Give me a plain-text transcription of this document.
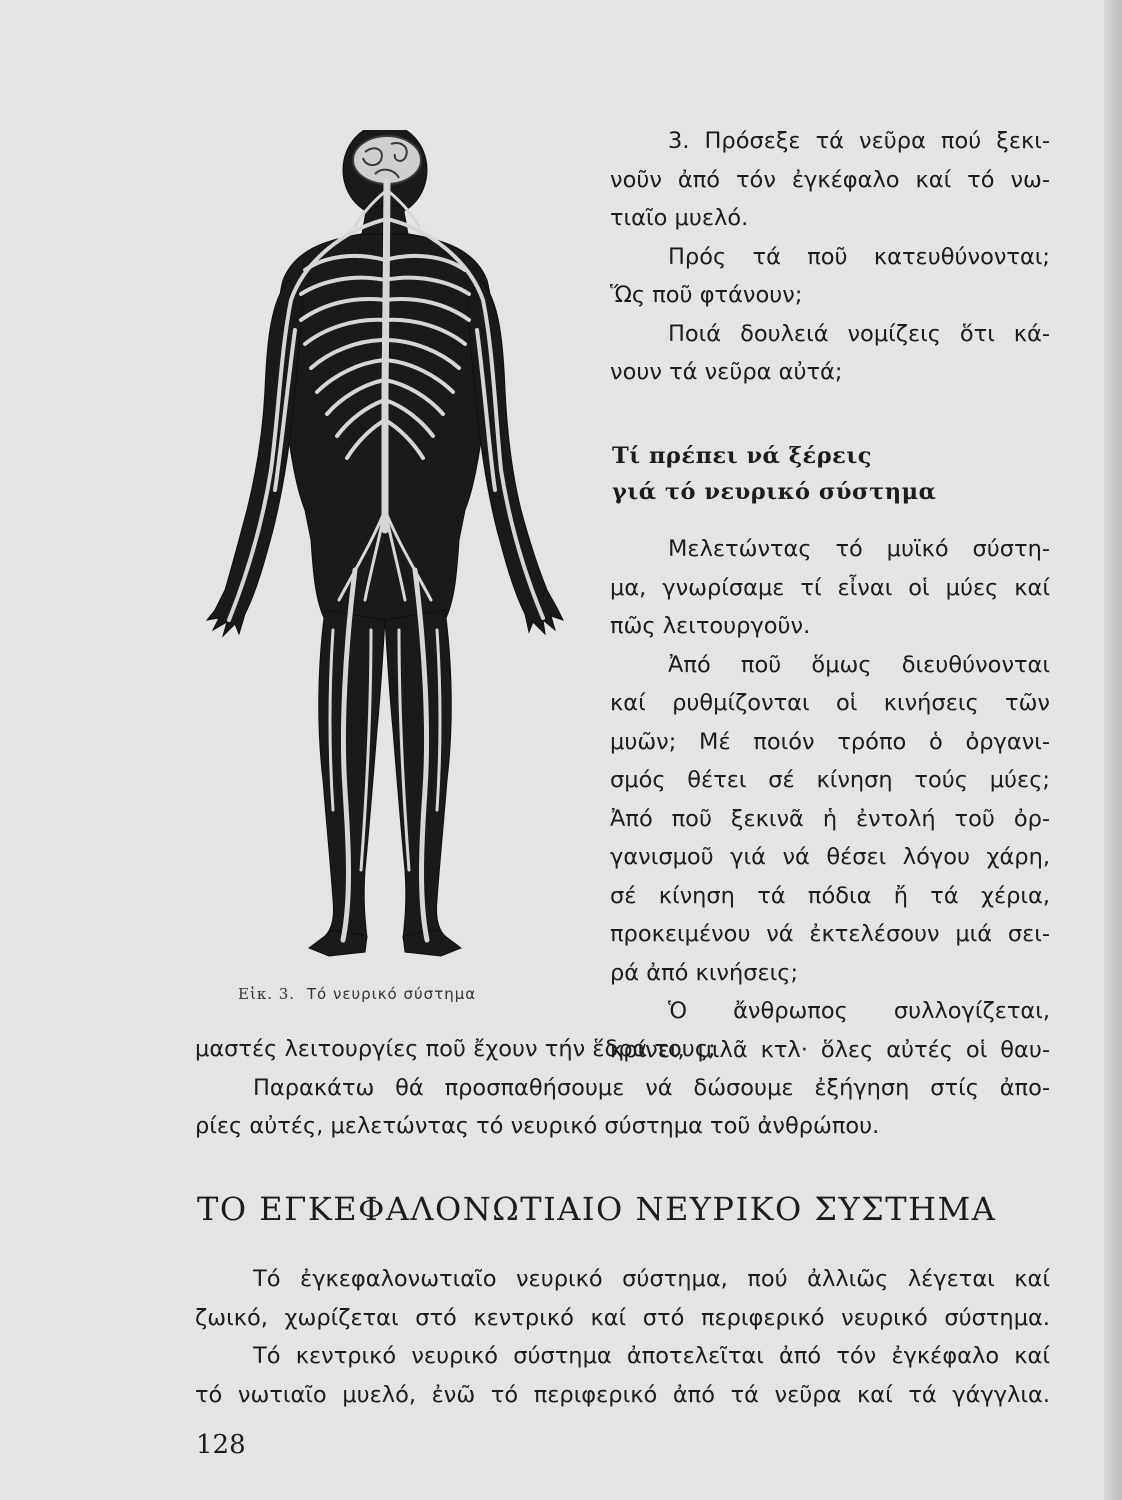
Εἰκ. 3. Τό νευρικό σύστημα

3. Πρόσεξε τά νεῦρα πού ξεκι-

νοῦν ἀπό τόν ἐγκέφαλο καί τό νω-

τιαῖο μυελό.

Πρός τά ποῦ κατευθύνονται;

Ὥς ποῦ φτάνουν;

Ποιά δουλειά νομίζεις ὅτι κά-

νουν τά νεῦρα αὐτά;

Τί πρέπει νά ξέρεις
γιά τό νευρικό σύστημα

Μελετώντας τό μυϊκό σύστη-

μα, γνωρίσαμε τί εἶναι οἱ μύες καί

πῶς λειτουργοῦν.

Ἀπό ποῦ ὅμως διευθύνονται

καί ρυθμίζονται οἱ κινήσεις τῶν

μυῶν; Μέ ποιόν τρόπο ὁ ὀργανι-

σμός θέτει σέ κίνηση τούς μύες;

Ἀπό ποῦ ξεκινᾶ ἡ ἐντολή τοῦ ὀρ-

γανισμοῦ γιά νά θέσει λόγου χάρη,

σέ κίνηση τά πόδια ἤ τά χέρια,

προκειμένου νά ἐκτελέσουν μιά σει-

ρά ἀπό κινήσεις;

Ὁ ἄνθρωπος συλλογίζεται,

κρίνει, μιλᾶ κτλ· ὅλες αὐτές οἱ θαυ-

μαστές λειτουργίες ποῦ ἔχουν τήν ἕδρα τους;

Παρακάτω θά προσπαθήσουμε νά δώσουμε ἐξήγηση στίς ἀπο-

ρίες αὐτές, μελετώντας τό νευρικό σύστημα τοῦ ἀνθρώπου.

ΤΟ ΕΓΚΕΦΑΛΟΝΩΤΙΑΙΟ ΝΕΥΡΙΚΟ ΣΥΣΤΗΜΑ

Τό ἐγκεφαλονωτιαῖο νευρικό σύστημα, πού ἀλλιῶς λέγεται καί

ζωικό, χωρίζεται στό κεντρικό καί στό περιφερικό νευρικό σύστημα.

Τό κεντρικό νευρικό σύστημα ἀποτελεῖται ἀπό τόν ἐγκέφαλο καί

τό νωτιαῖο μυελό, ἐνῶ τό περιφερικό ἀπό τά νεῦρα καί τά γάγγλια.

128
